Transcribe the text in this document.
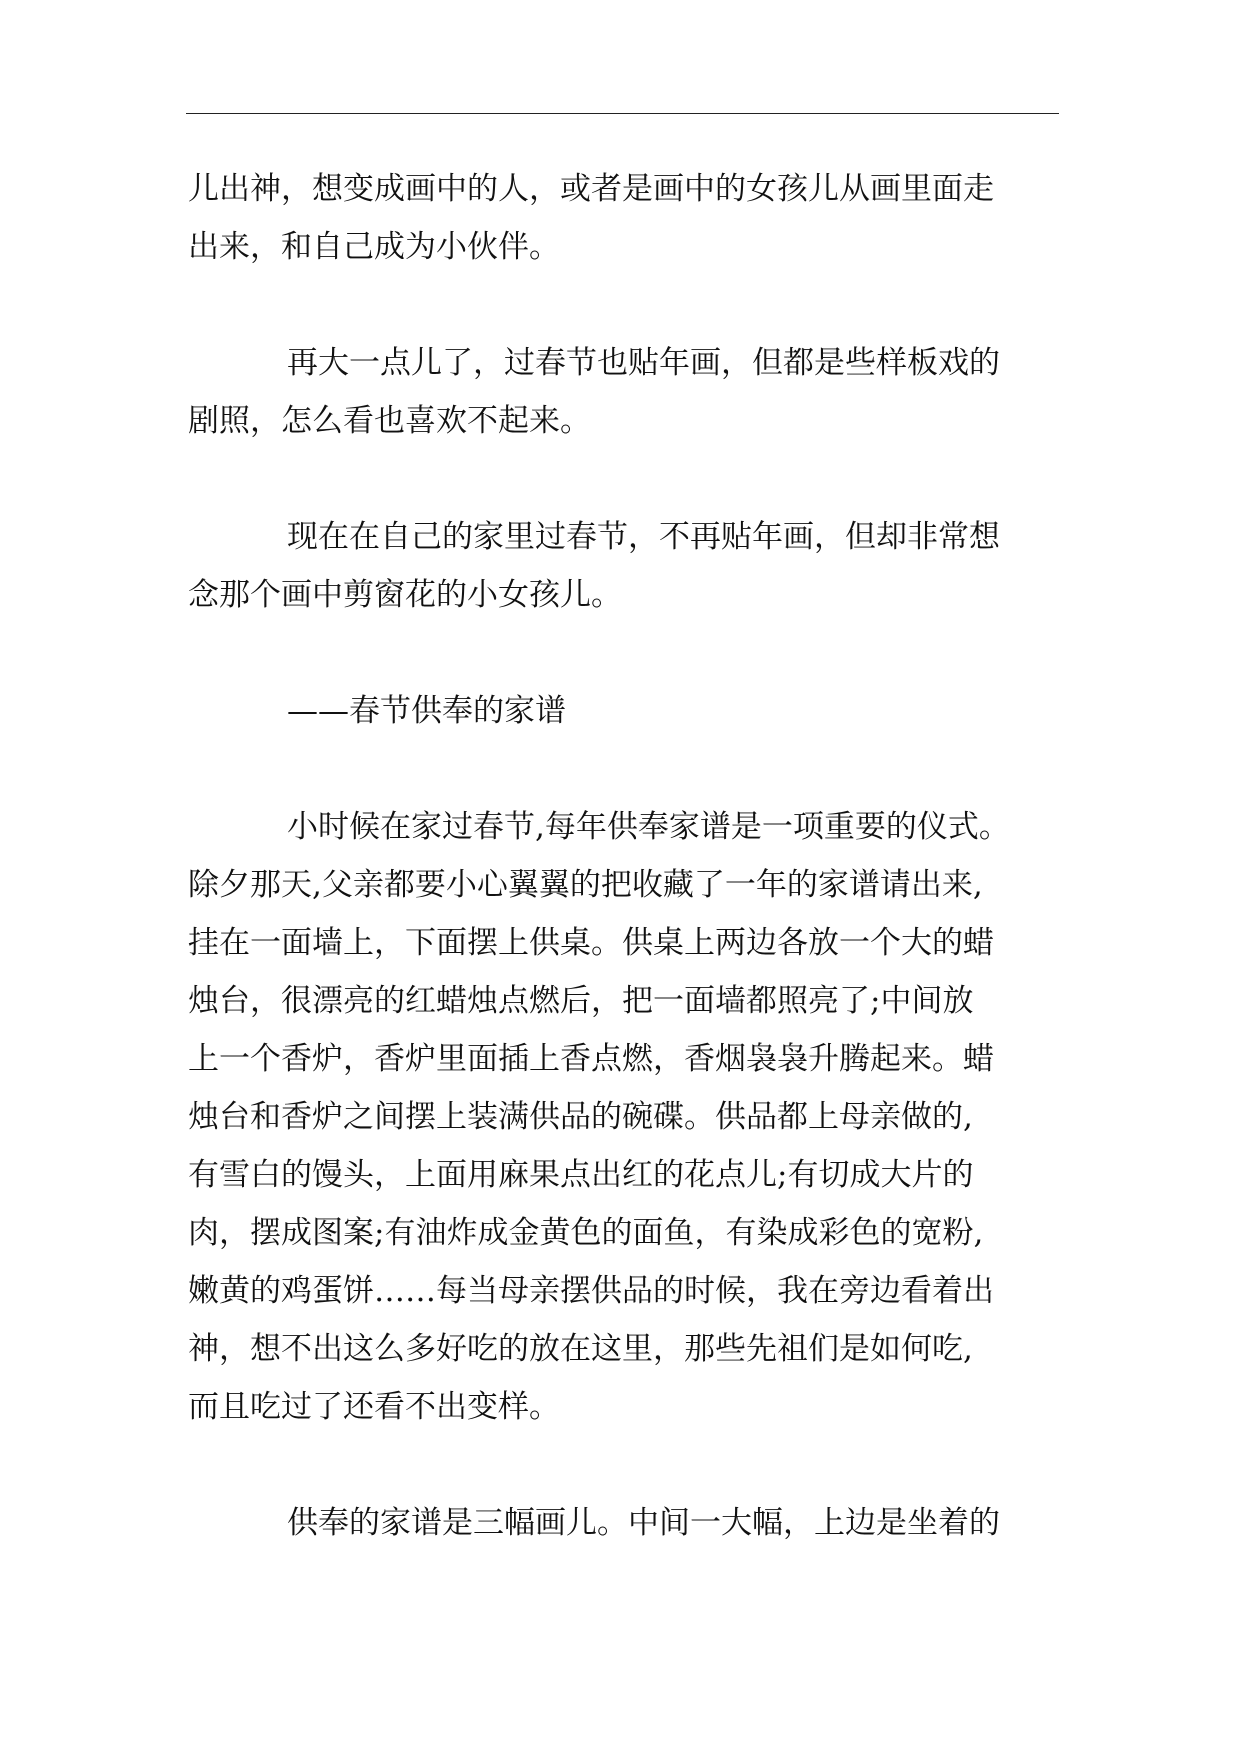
儿出神，想变成画中的人，或者是画中的女孩儿从画里面走
出来，和自己成为小伙伴。

再大一点儿了，过春节也贴年画，但都是些样板戏的
剧照，怎么看也喜欢不起来。

现在在自己的家里过春节，不再贴年画，但却非常想
念那个画中剪窗花的小女孩儿。

——春节供奉的家谱

小时候在家过春节,每年供奉家谱是一项重要的仪式。
除夕那天,父亲都要小心翼翼的把收藏了一年的家谱请出来,
挂在一面墙上，下面摆上供桌。供桌上两边各放一个大的蜡
烛台，很漂亮的红蜡烛点燃后，把一面墙都照亮了;中间放
上一个香炉，香炉里面插上香点燃，香烟袅袅升腾起来。蜡
烛台和香炉之间摆上装满供品的碗碟。供品都上母亲做的,
有雪白的馒头，上面用麻果点出红的花点儿;有切成大片的
肉，摆成图案;有油炸成金黄色的面鱼，有染成彩色的宽粉,
嫩黄的鸡蛋饼……每当母亲摆供品的时候，我在旁边看着出
神，想不出这么多好吃的放在这里，那些先祖们是如何吃,
而且吃过了还看不出变样。

供奉的家谱是三幅画儿。中间一大幅，上边是坐着的
